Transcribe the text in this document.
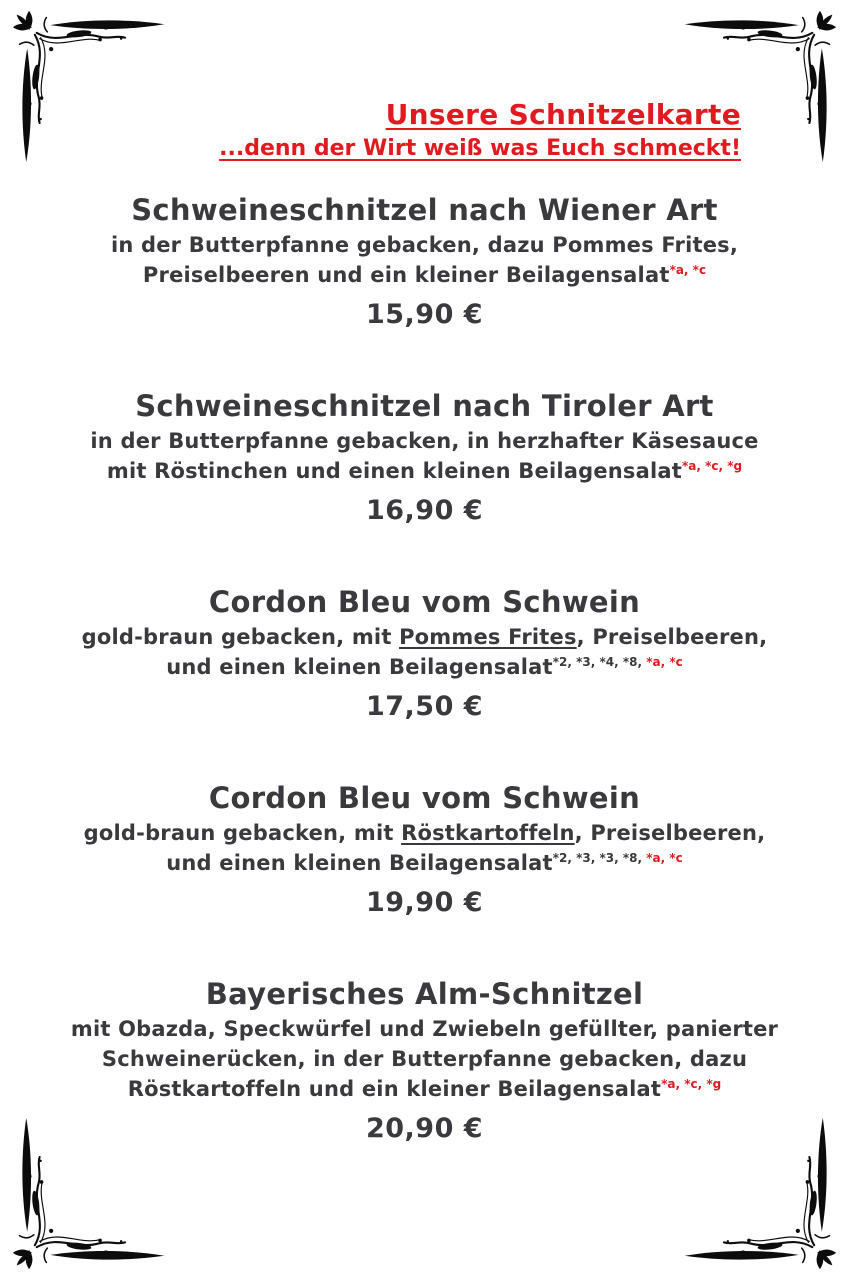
Unsere Schnitzelkarte
...denn der Wirt weiß was Euch schmeckt!
Schweineschnitzel nach Wiener Art

in der Butterpfanne gebacken, dazu Pommes Frites,
Preiselbeeren und ein kleiner Beilagensalat$^{*a, *c}$

15,90 €
Schweineschnitzel nach Tiroler Art

in der Butterpfanne gebacken, in herzhafter Käsesauce
mit Röstinchen und einen kleinen Beilagensalat$^{*a, *c, *g}$

16,90 €
Cordon Bleu vom Schwein

gold-braun gebacken, mit Pommes Frites, Preiselbeeren,
und einen kleinen Beilagensalat$^{*2, *3, *4, *8,}$ $^{*a, *c}$

17,50 €
Cordon Bleu vom Schwein

gold-braun gebacken, mit Röstkartoffeln, Preiselbeeren,
und einen kleinen Beilagensalat$^{*2, *3, *3, *8,}$ $^{*a, *c}$

19,90 €
Bayerisches Alm-Schnitzel

mit Obazda, Speckwürfel und Zwiebeln gefüllter, panierter
Schweinerücken, in der Butterpfanne gebacken, dazu
Röstkartoffeln und ein kleiner Beilagensalat$^{*a, *c, *g}$

20,90 €
